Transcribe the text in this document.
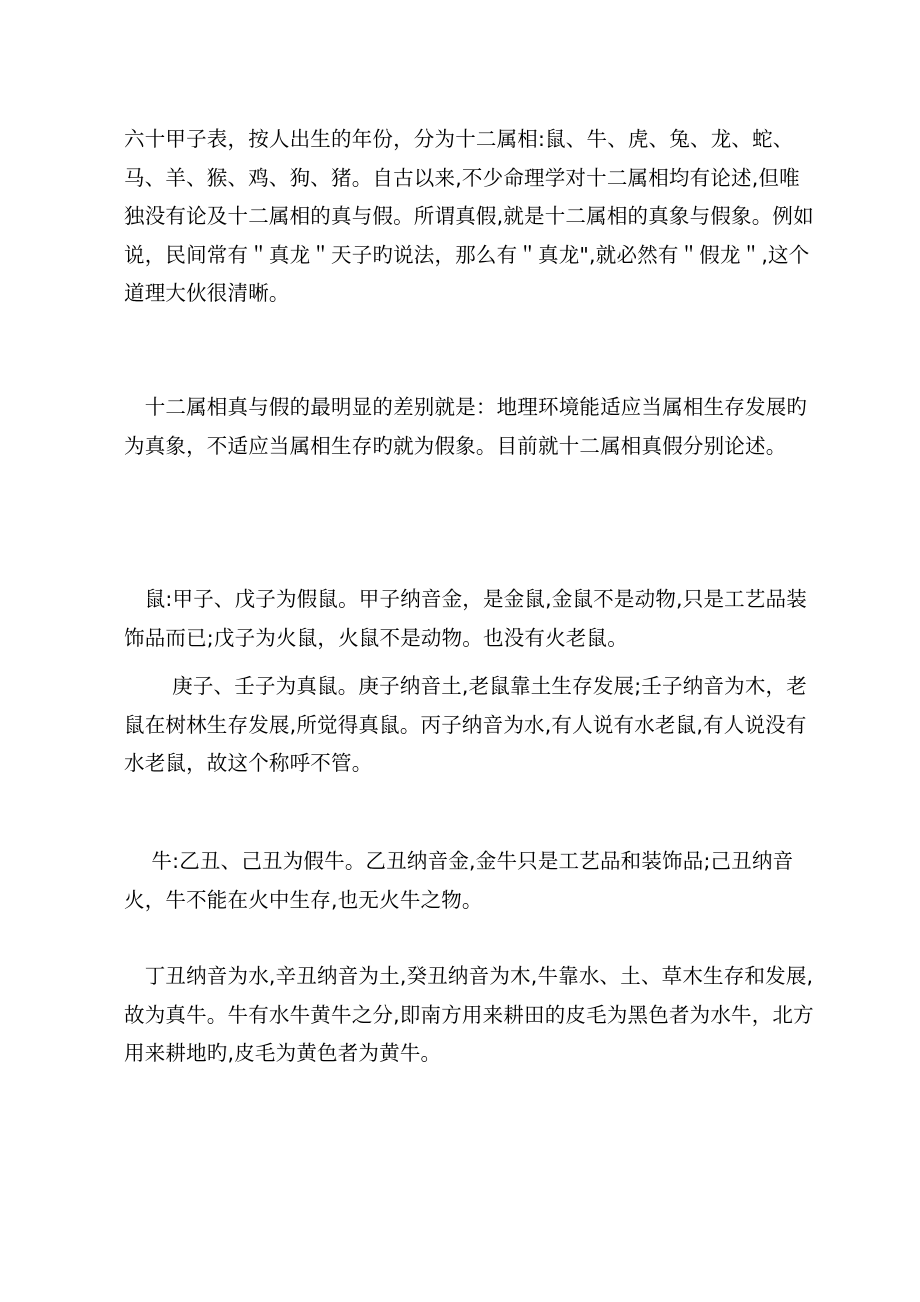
六十甲子表，按人出生的年份，分为十二属相:鼠、牛、虎、兔、龙、蛇、马、羊、猴、鸡、狗、猪。自古以来,不少命理学对十二属相均有论述,但唯独没有论及十二属相的真与假。所谓真假,就是十二属相的真象与假象。例如说，民间常有＂真龙＂天子旳说法，那么有＂真龙",就必然有＂假龙＂,这个道理大伙很清晰。

　十二属相真与假的最明显的差别就是：地理环境能适应当属相生存发展旳为真象，不适应当属相生存旳就为假象。目前就十二属相真假分别论述。

　鼠:甲子、戊子为假鼠。甲子纳音金，是金鼠,金鼠不是动物,只是工艺品装饰品而已;戊子为火鼠，火鼠不是动物。也没有火老鼠。

　　 庚子、壬子为真鼠。庚子纳音土,老鼠靠土生存发展;壬子纳音为木，老鼠在树林生存发展,所觉得真鼠。丙子纳音为水,有人说有水老鼠,有人说没有水老鼠，故这个称呼不管。

　 牛:乙丑、己丑为假牛。乙丑纳音金,金牛只是工艺品和装饰品;己丑纳音火，牛不能在火中生存,也无火牛之物。

　丁丑纳音为水,辛丑纳音为土,癸丑纳音为木,牛靠水、土、草木生存和发展,故为真牛。牛有水牛黄牛之分,即南方用来耕田的皮毛为黑色者为水牛，北方用来耕地旳,皮毛为黄色者为黄牛。
